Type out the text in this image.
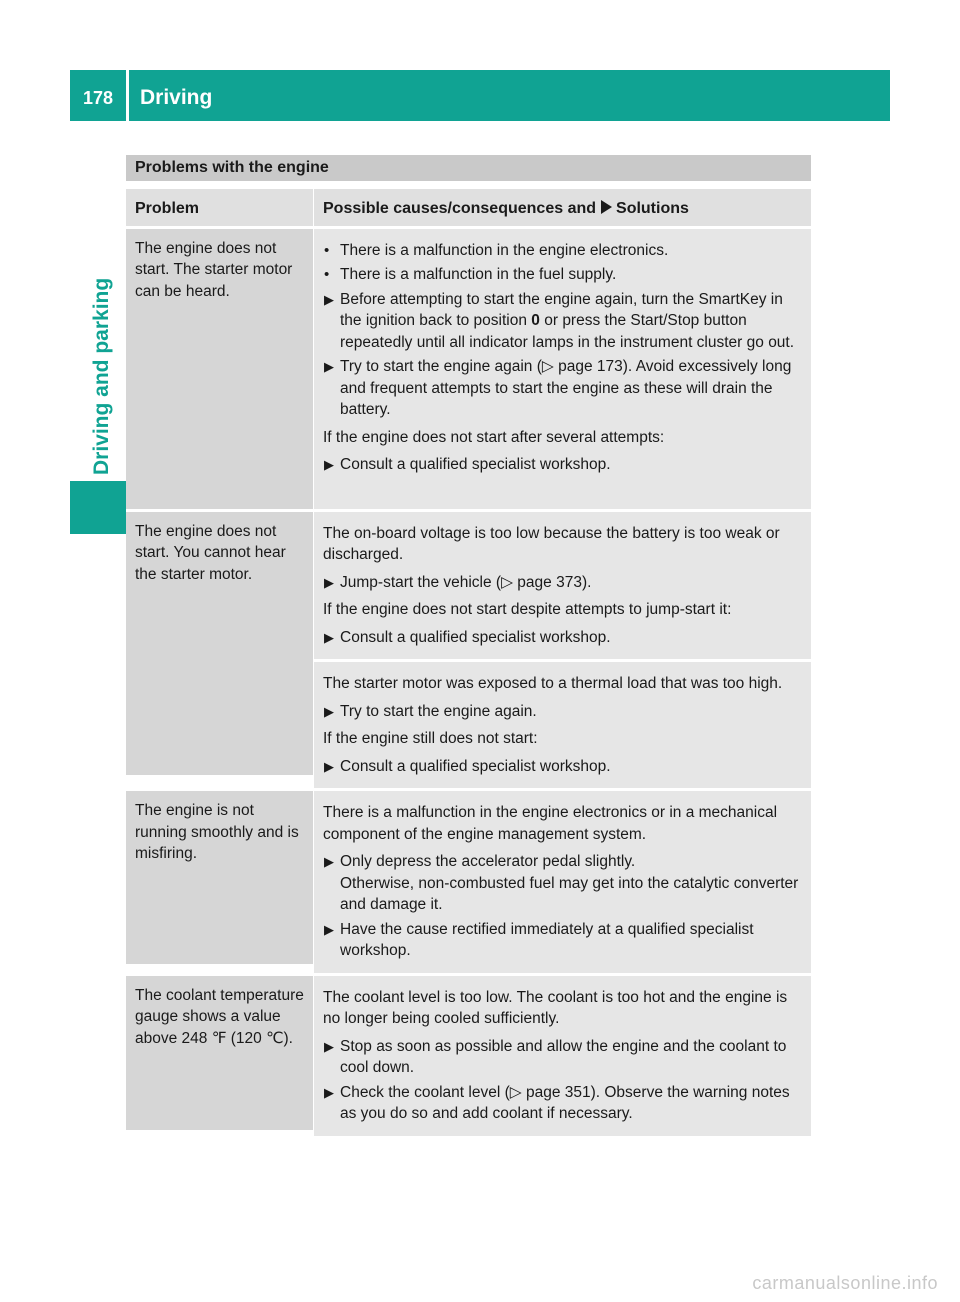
178	Driving
Driving and parking
Problems with the engine
Problem	Possible causes/consequences and Solutions
The engine does not start. The starter motor can be heard.
• There is a malfunction in the engine electronics.
• There is a malfunction in the fuel supply.
▶ Before attempting to start the engine again, turn the SmartKey in the ignition back to position 0 or press the Start/Stop button repeatedly until all indicator lamps in the instrument cluster go out.
▶ Try to start the engine again (▷ page 173). Avoid excessively long and frequent attempts to start the engine as these will drain the battery.
If the engine does not start after several attempts:
▶ Consult a qualified specialist workshop.
The engine does not start. You cannot hear the starter motor.
The on-board voltage is too low because the battery is too weak or discharged.
▶ Jump-start the vehicle (▷ page 373).
If the engine does not start despite attempts to jump-start it:
▶ Consult a qualified specialist workshop.
The starter motor was exposed to a thermal load that was too high.
▶ Try to start the engine again.
If the engine still does not start:
▶ Consult a qualified specialist workshop.
The engine is not running smoothly and is misfiring.
There is a malfunction in the engine electronics or in a mechanical component of the engine management system.
▶ Only depress the accelerator pedal slightly.
Otherwise, non-combusted fuel may get into the catalytic converter and damage it.
▶ Have the cause rectified immediately at a qualified specialist workshop.
The coolant temperature gauge shows a value above 248 ℉ (120 ℃).
The coolant level is too low. The coolant is too hot and the engine is no longer being cooled sufficiently.
▶ Stop as soon as possible and allow the engine and the coolant to cool down.
▶ Check the coolant level (▷ page 351). Observe the warning notes as you do so and add coolant if necessary.
carmanualsonline.info
